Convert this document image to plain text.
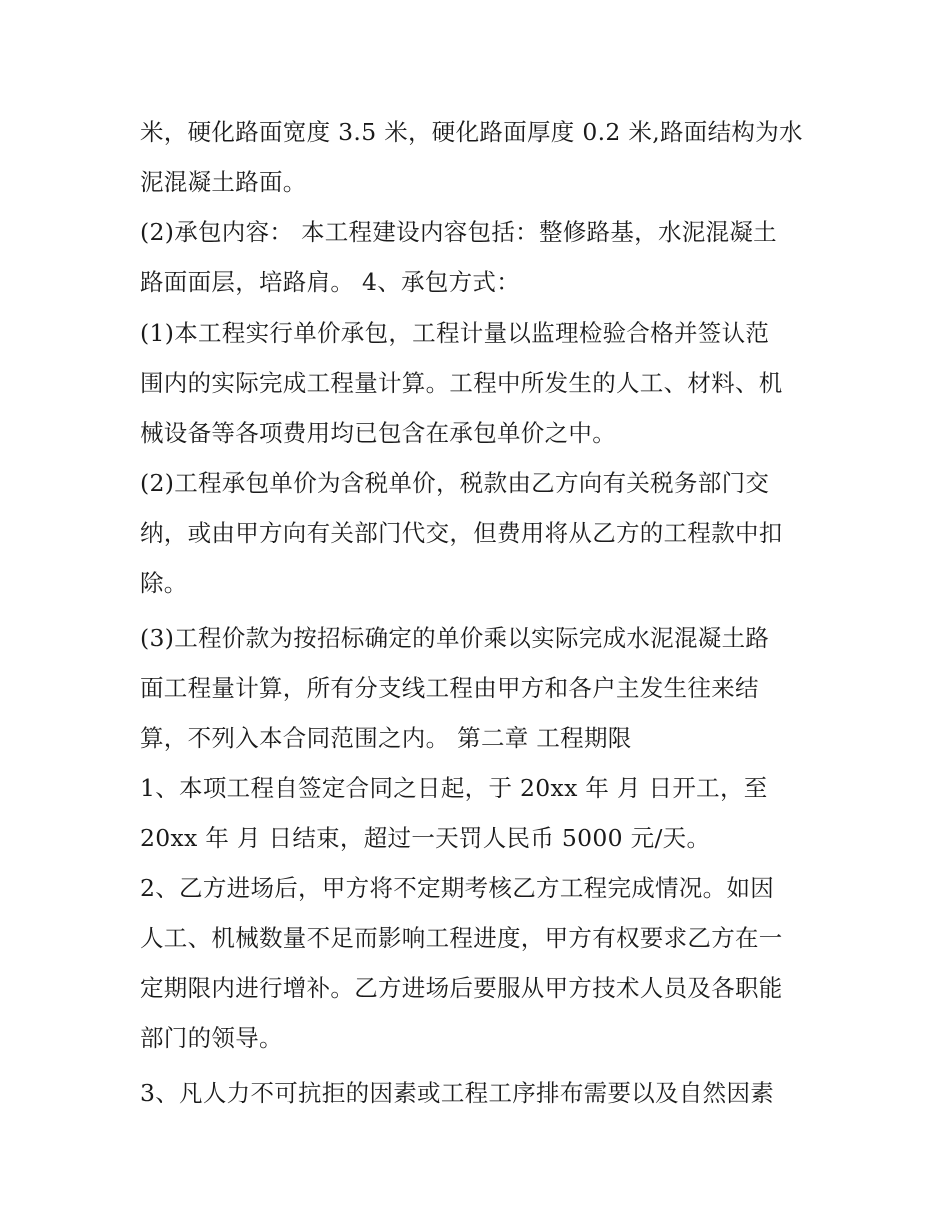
米，硬化路面宽度 3.5 米，硬化路面厚度 0.2 米,路面结构为水
泥混凝土路面。
(2)承包内容： 本工程建设内容包括：整修路基，水泥混凝土
路面面层，培路肩。 4、承包方式：
(1)本工程实行单价承包，工程计量以监理检验合格并签认范
围内的实际完成工程量计算。工程中所发生的人工、材料、机
械设备等各项费用均已包含在承包单价之中。
(2)工程承包单价为含税单价，税款由乙方向有关税务部门交
纳，或由甲方向有关部门代交，但费用将从乙方的工程款中扣
除。
(3)工程价款为按招标确定的单价乘以实际完成水泥混凝土路
面工程量计算，所有分支线工程由甲方和各户主发生往来结
算，不列入本合同范围之内。 第二章 工程期限
1、本项工程自签定合同之日起，于 20xx 年 月 日开工，至
20xx 年 月 日结束，超过一天罚人民币 5000 元/天。
2、乙方进场后，甲方将不定期考核乙方工程完成情况。如因
人工、机械数量不足而影响工程进度，甲方有权要求乙方在一
定期限内进行增补。乙方进场后要服从甲方技术人员及各职能
部门的领导。
3、凡人力不可抗拒的因素或工程工序排布需要以及自然因素
